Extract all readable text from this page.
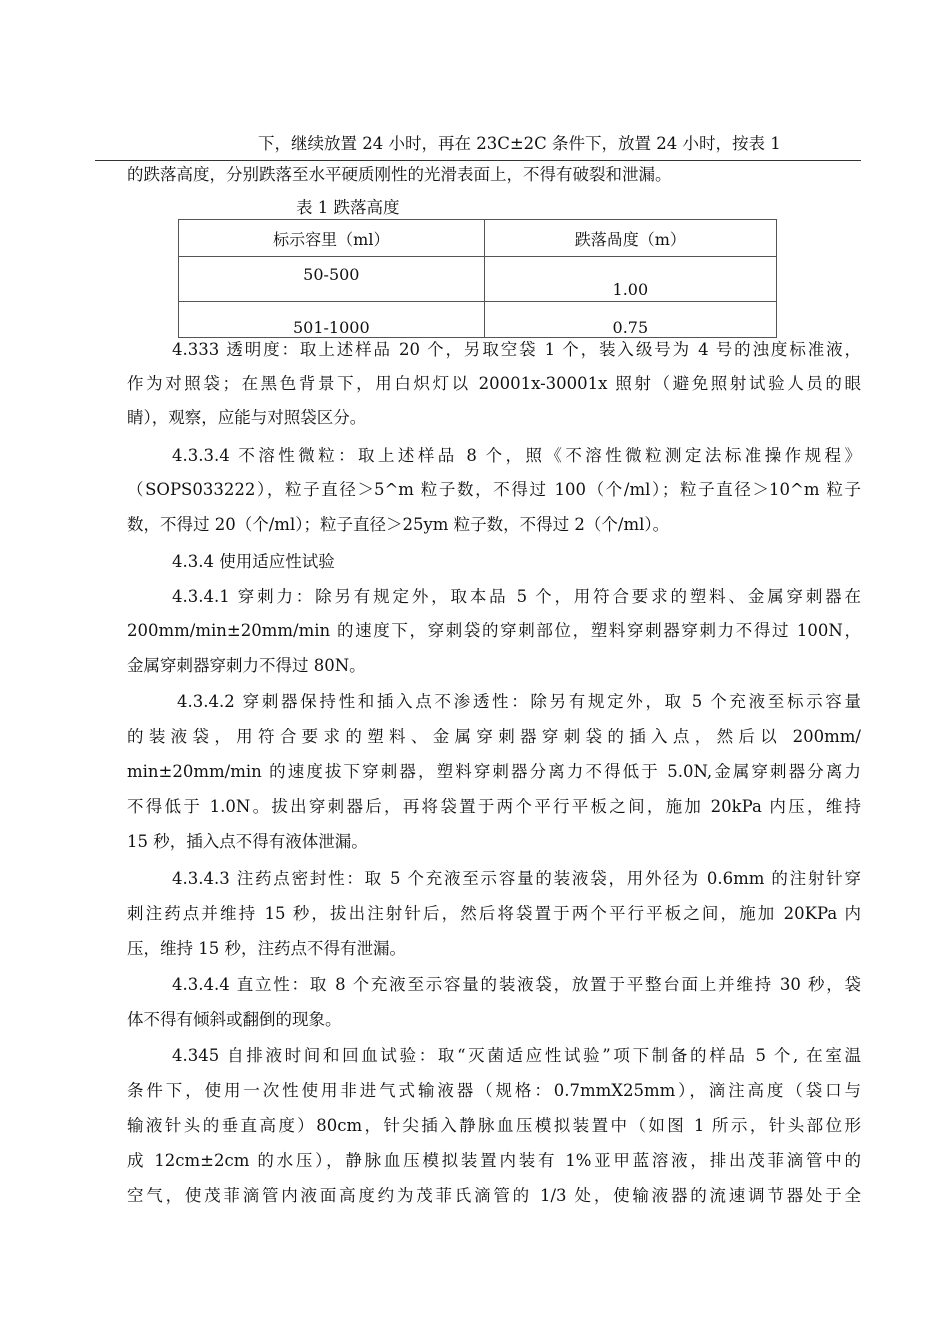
下，继续放置 24 小时，再在 23C±2C 条件下，放置 24 小时，按表 1
的跌落高度，分别跌落至水平硬质刚性的光滑表面上，不得有破裂和泄漏。
表 1 跌落高度
标示容里（ml）	跌落咼度（m）
50-500	1.00
501-1000	0.75
4.333 透明度：取上述样品 20 个，另取空袋 1 个，装入级号为 4 号的浊度标准液，
作为对照袋；在黑色背景下，用白炽灯以 20001x-30001x 照射（避免照射试验人员的眼
睛），观察，应能与对照袋区分。
4.3.3.4 不溶性微粒：取上述样品 8 个，照《不溶性微粒测定法标准操作规程》
（SOPS033222），粒子直径＞5^m 粒子数，不得过 100（个/ml）；粒子直径＞10^m 粒子
数，不得过 20（个/ml）；粒子直径＞25ym 粒子数，不得过 2（个/ml）。
4.3.4 使用适应性试验
4.3.4.1 穿刺力：除另有规定外，取本品 5 个，用符合要求的塑料、金属穿刺器在
200mm/min±20mm/min 的速度下，穿刺袋的穿刺部位，塑料穿刺器穿刺力不得过 100N，
金属穿刺器穿刺力不得过 80N。
4.3.4.2 穿刺器保持性和插入点不渗透性：除另有规定外，取 5 个充液至标示容量
的装液袋，用符合要求的塑料、金属穿刺器穿刺袋的插入点，然后以 200mm/
min±20mm/min 的速度拔下穿刺器，塑料穿刺器分离力不得低于 5.0N,金属穿刺器分离力
不得低于 1.0N。拔出穿刺器后，再将袋置于两个平行平板之间，施加 20kPa 内压，维持
15 秒，插入点不得有液体泄漏。
4.3.4.3 注药点密封性：取 5 个充液至示容量的装液袋，用外径为 0.6mm 的注射针穿
刺注药点并维持 15 秒，拔出注射针后，然后将袋置于两个平行平板之间，施加 20KPa 内
压，维持 15 秒，注药点不得有泄漏。
4.3.4.4 直立性：取 8 个充液至示容量的装液袋，放置于平整台面上并维持 30 秒，袋
体不得有倾斜或翻倒的现象。
4.345 自排液时间和回血试验：取“灭菌适应性试验”项下制备的样品 5 个, 在室温
条件下，使用一次性使用非进气式输液器（规格：0.7mmX25mm），滴注高度（袋口与
输液针头的垂直高度）80cm，针尖插入静脉血压模拟装置中（如图 1 所示，针头部位形
成 12cm±2cm 的水压），静脉血压模拟装置内装有 1%亚甲蓝溶液，排出茂菲滴管中的
空气，使茂菲滴管内液面高度约为茂菲氏滴管的 1/3 处，使输液器的流速调节器处于全
